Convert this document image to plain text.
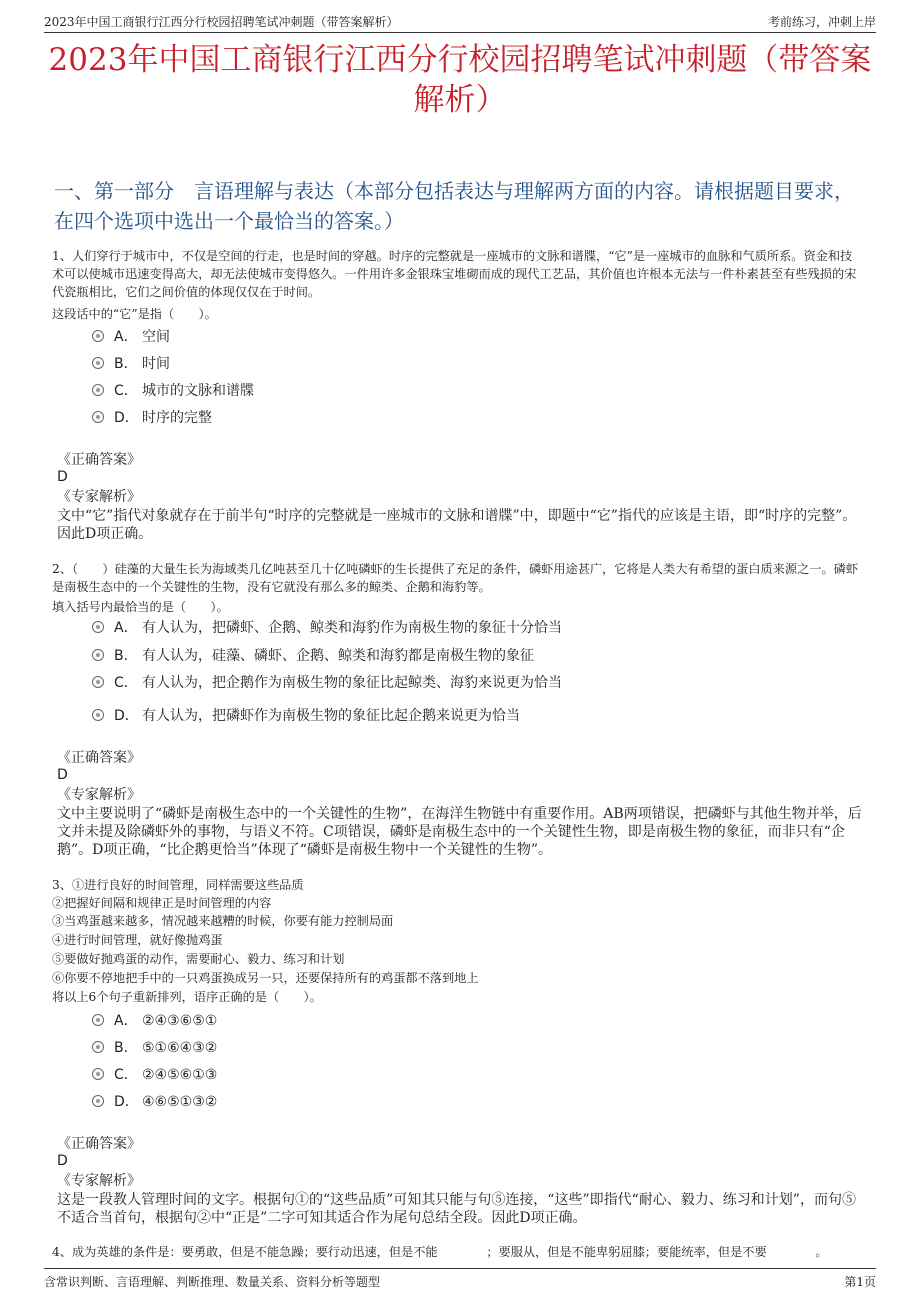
2023年中国工商银行江西分行校园招聘笔试冲刺题（带答案解析）	考前练习，冲刺上岸
2023年中国工商银行江西分行校园招聘笔试冲刺题（带答案解析）
一、第一部分　言语理解与表达（本部分包括表达与理解两方面的内容。请根据题目要求，在四个选项中选出一个最恰当的答案。）
1、人们穿行于城市中，不仅是空间的行走，也是时间的穿越。时序的完整就是一座城市的文脉和谱牒，“它”是一座城市的血脉和气质所系。资金和技术可以使城市迅速变得高大，却无法使城市变得悠久。一件用许多金银珠宝堆砌而成的现代工艺品，其价值也许根本无法与一件朴素甚至有些残损的宋代瓷瓶相比，它们之间价值的体现仅仅在于时间。
这段话中的“它”是指（　　）。
A． 空间
B． 时间
C． 城市的文脉和谱牒
D． 时序的完整
《正确答案》
D
《专家解析》
文中“它”指代对象就存在于前半句“时序的完整就是一座城市的文脉和谱牒”中，即题中“它”指代的应该是主语，即“时序的完整”。因此D项正确。
2、（　　）硅藻的大量生长为海域类几亿吨甚至几十亿吨磷虾的生长提供了充足的条件，磷虾用途甚广，它将是人类大有希望的蛋白质来源之一。磷虾是南极生态中的一个关键性的生物，没有它就没有那么多的鲸类、企鹅和海豹等。
填入括号内最恰当的是（　　）。
A． 有人认为，把磷虾、企鹅、鲸类和海豹作为南极生物的象征十分恰当
B． 有人认为，硅藻、磷虾、企鹅、鲸类和海豹都是南极生物的象征
C． 有人认为，把企鹅作为南极生物的象征比起鲸类、海豹来说更为恰当
D． 有人认为，把磷虾作为南极生物的象征比起企鹅来说更为恰当
《正确答案》
D
《专家解析》
文中主要说明了“磷虾是南极生态中的一个关键性的生物”，在海洋生物链中有重要作用。AB两项错误，把磷虾与其他生物并举，后文并未提及除磷虾外的事物，与语义不符。C项错误，磷虾是南极生态中的一个关键性生物，即是南极生物的象征，而非只有“企鹅”。D项正确，“比企鹅更恰当”体现了“磷虾是南极生物中一个关键性的生物”。
3、①进行良好的时间管理，同样需要这些品质
②把握好间隔和规律正是时间管理的内容
③当鸡蛋越来越多，情况越来越糟的时候，你要有能力控制局面
④进行时间管理，就好像抛鸡蛋
⑤要做好抛鸡蛋的动作，需要耐心、毅力、练习和计划
⑥你要不停地把手中的一只鸡蛋换成另一只，还要保持所有的鸡蛋都不落到地上
将以上6个句子重新排列，语序正确的是（　　）。
A． ②④③⑥⑤①
B． ⑤①⑥④③②
C． ②④⑤⑥①③
D． ④⑥⑤①③②
《正确答案》
D
《专家解析》
这是一段教人管理时间的文字。根据句①的“这些品质”可知其只能与句⑤连接，“这些”即指代“耐心、毅力、练习和计划”，而句⑤不适合当首句，根据句②中“正是”二字可知其适合作为尾句总结全段。因此D项正确。
4、成为英雄的条件是：要勇敢，但是不能急躁；要行动迅速，但是不能　　　　；要服从，但是不能卑躬屈膝；要能统率，但是不要　　　　。
含常识判断、言语理解、判断推理、数量关系、资料分析等题型	第1页
